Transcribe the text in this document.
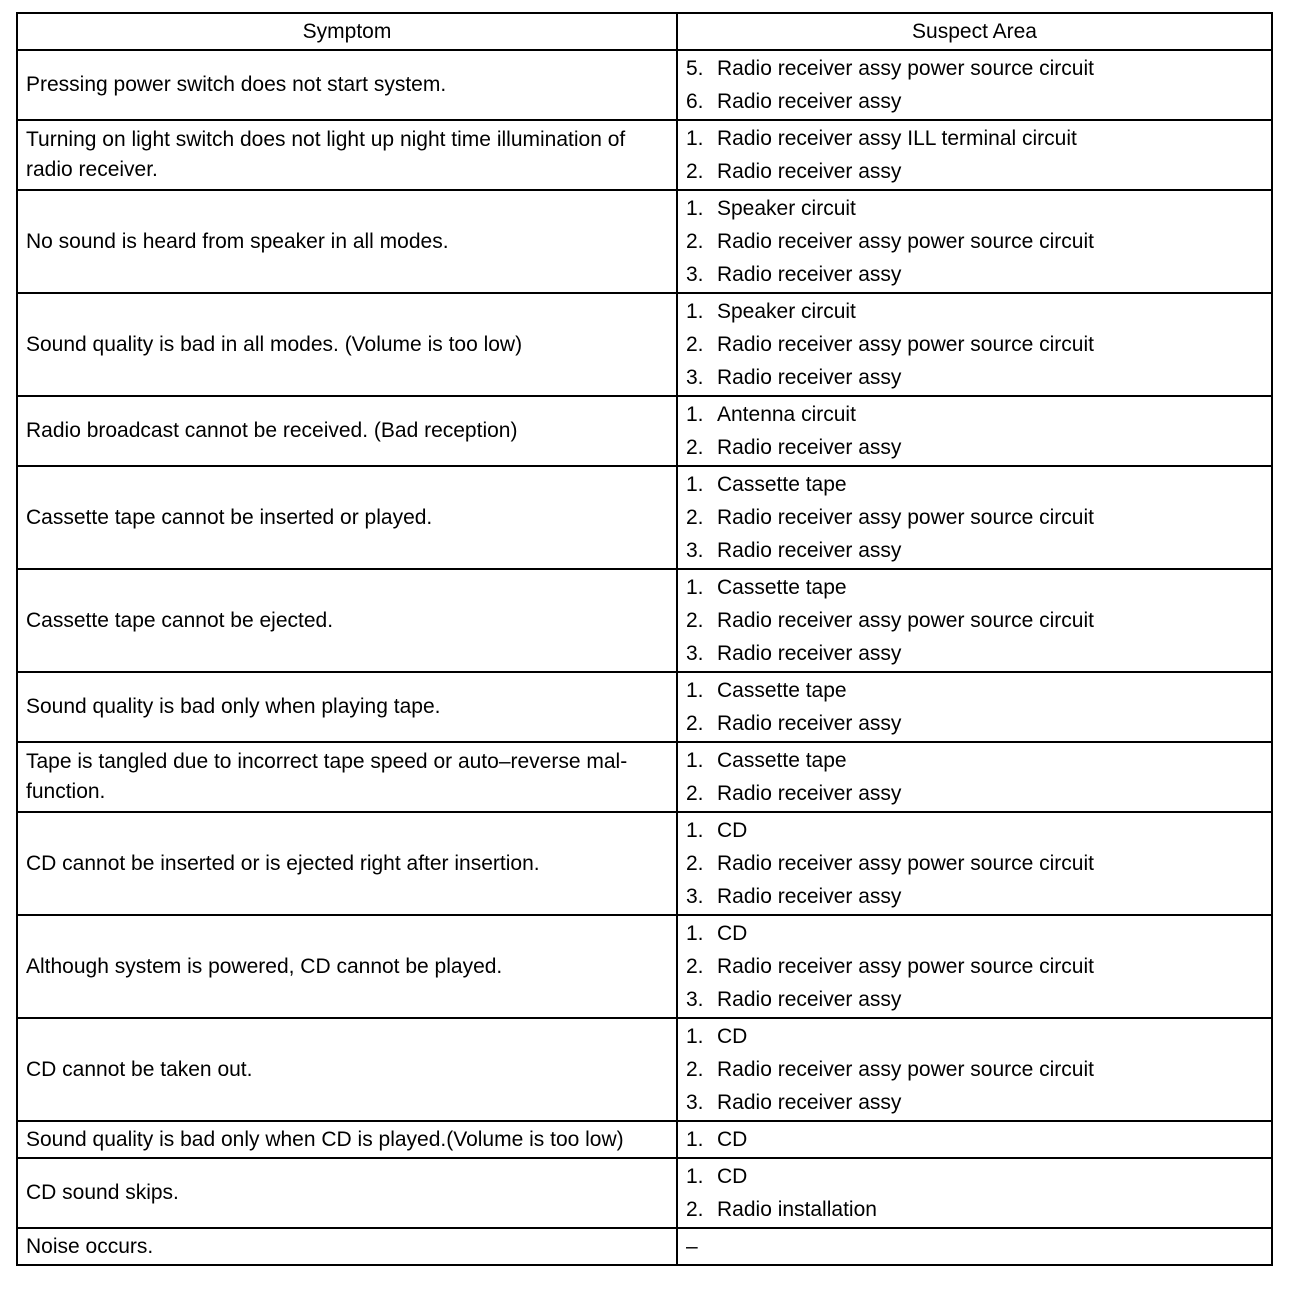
Symptom	Suspect Area
Pressing power switch does not start system.	5. Radio receiver assy power source circuit
6. Radio receiver assy

Turning on light switch does not light up night time illumination of radio receiver.	1. Radio receiver assy ILL terminal circuit
2. Radio receiver assy

No sound is heard from speaker in all modes.	1. Speaker circuit
2. Radio receiver assy power source circuit
3. Radio receiver assy

Sound quality is bad in all modes. (Volume is too low)	1. Speaker circuit
2. Radio receiver assy power source circuit
3. Radio receiver assy

Radio broadcast cannot be received. (Bad reception)	1. Antenna circuit
2. Radio receiver assy

Cassette tape cannot be inserted or played.	1. Cassette tape
2. Radio receiver assy power source circuit
3. Radio receiver assy

Cassette tape cannot be ejected.	1. Cassette tape
2. Radio receiver assy power source circuit
3. Radio receiver assy

Sound quality is bad only when playing tape.	1. Cassette tape
2. Radio receiver assy

Tape is tangled due to incorrect tape speed or auto–reverse mal-function.	1. Cassette tape
2. Radio receiver assy

CD cannot be inserted or is ejected right after insertion.	1. CD
2. Radio receiver assy power source circuit
3. Radio receiver assy

Although system is powered, CD cannot be played.	1. CD
2. Radio receiver assy power source circuit
3. Radio receiver assy

CD cannot be taken out.	1. CD
2. Radio receiver assy power source circuit
3. Radio receiver assy

Sound quality is bad only when CD is played.(Volume is too low)	1. CD

CD sound skips.	1. CD
2. Radio installation

Noise occurs.	–
